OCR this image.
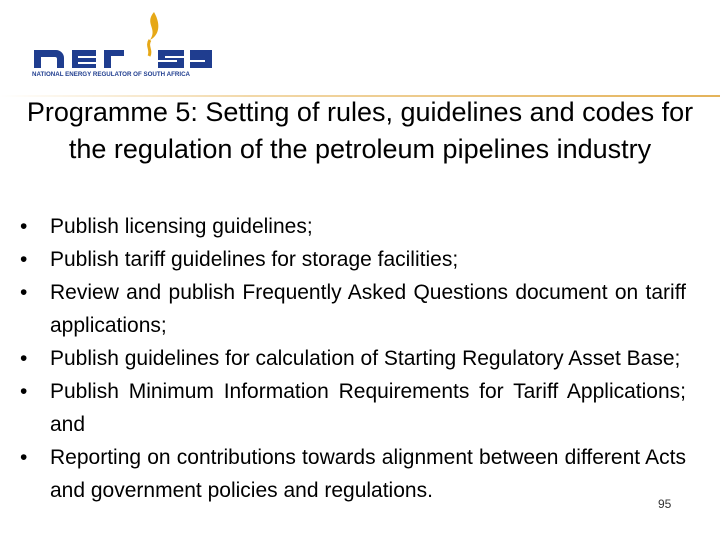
NATIONAL ENERGY REGULATOR OF SOUTH AFRICA
Programme 5: Setting of rules, guidelines and codes for the regulation of the petroleum pipelines industry
• Publish licensing guidelines;
• Publish tariff guidelines for storage facilities;
• Review and publish Frequently Asked Questions document on tariff applications;
• Publish guidelines for calculation of Starting Regulatory Asset Base;
• Publish Minimum Information Requirements for Tariff Applications; and
• Reporting on contributions towards alignment between different Acts and government policies and regulations.
95
